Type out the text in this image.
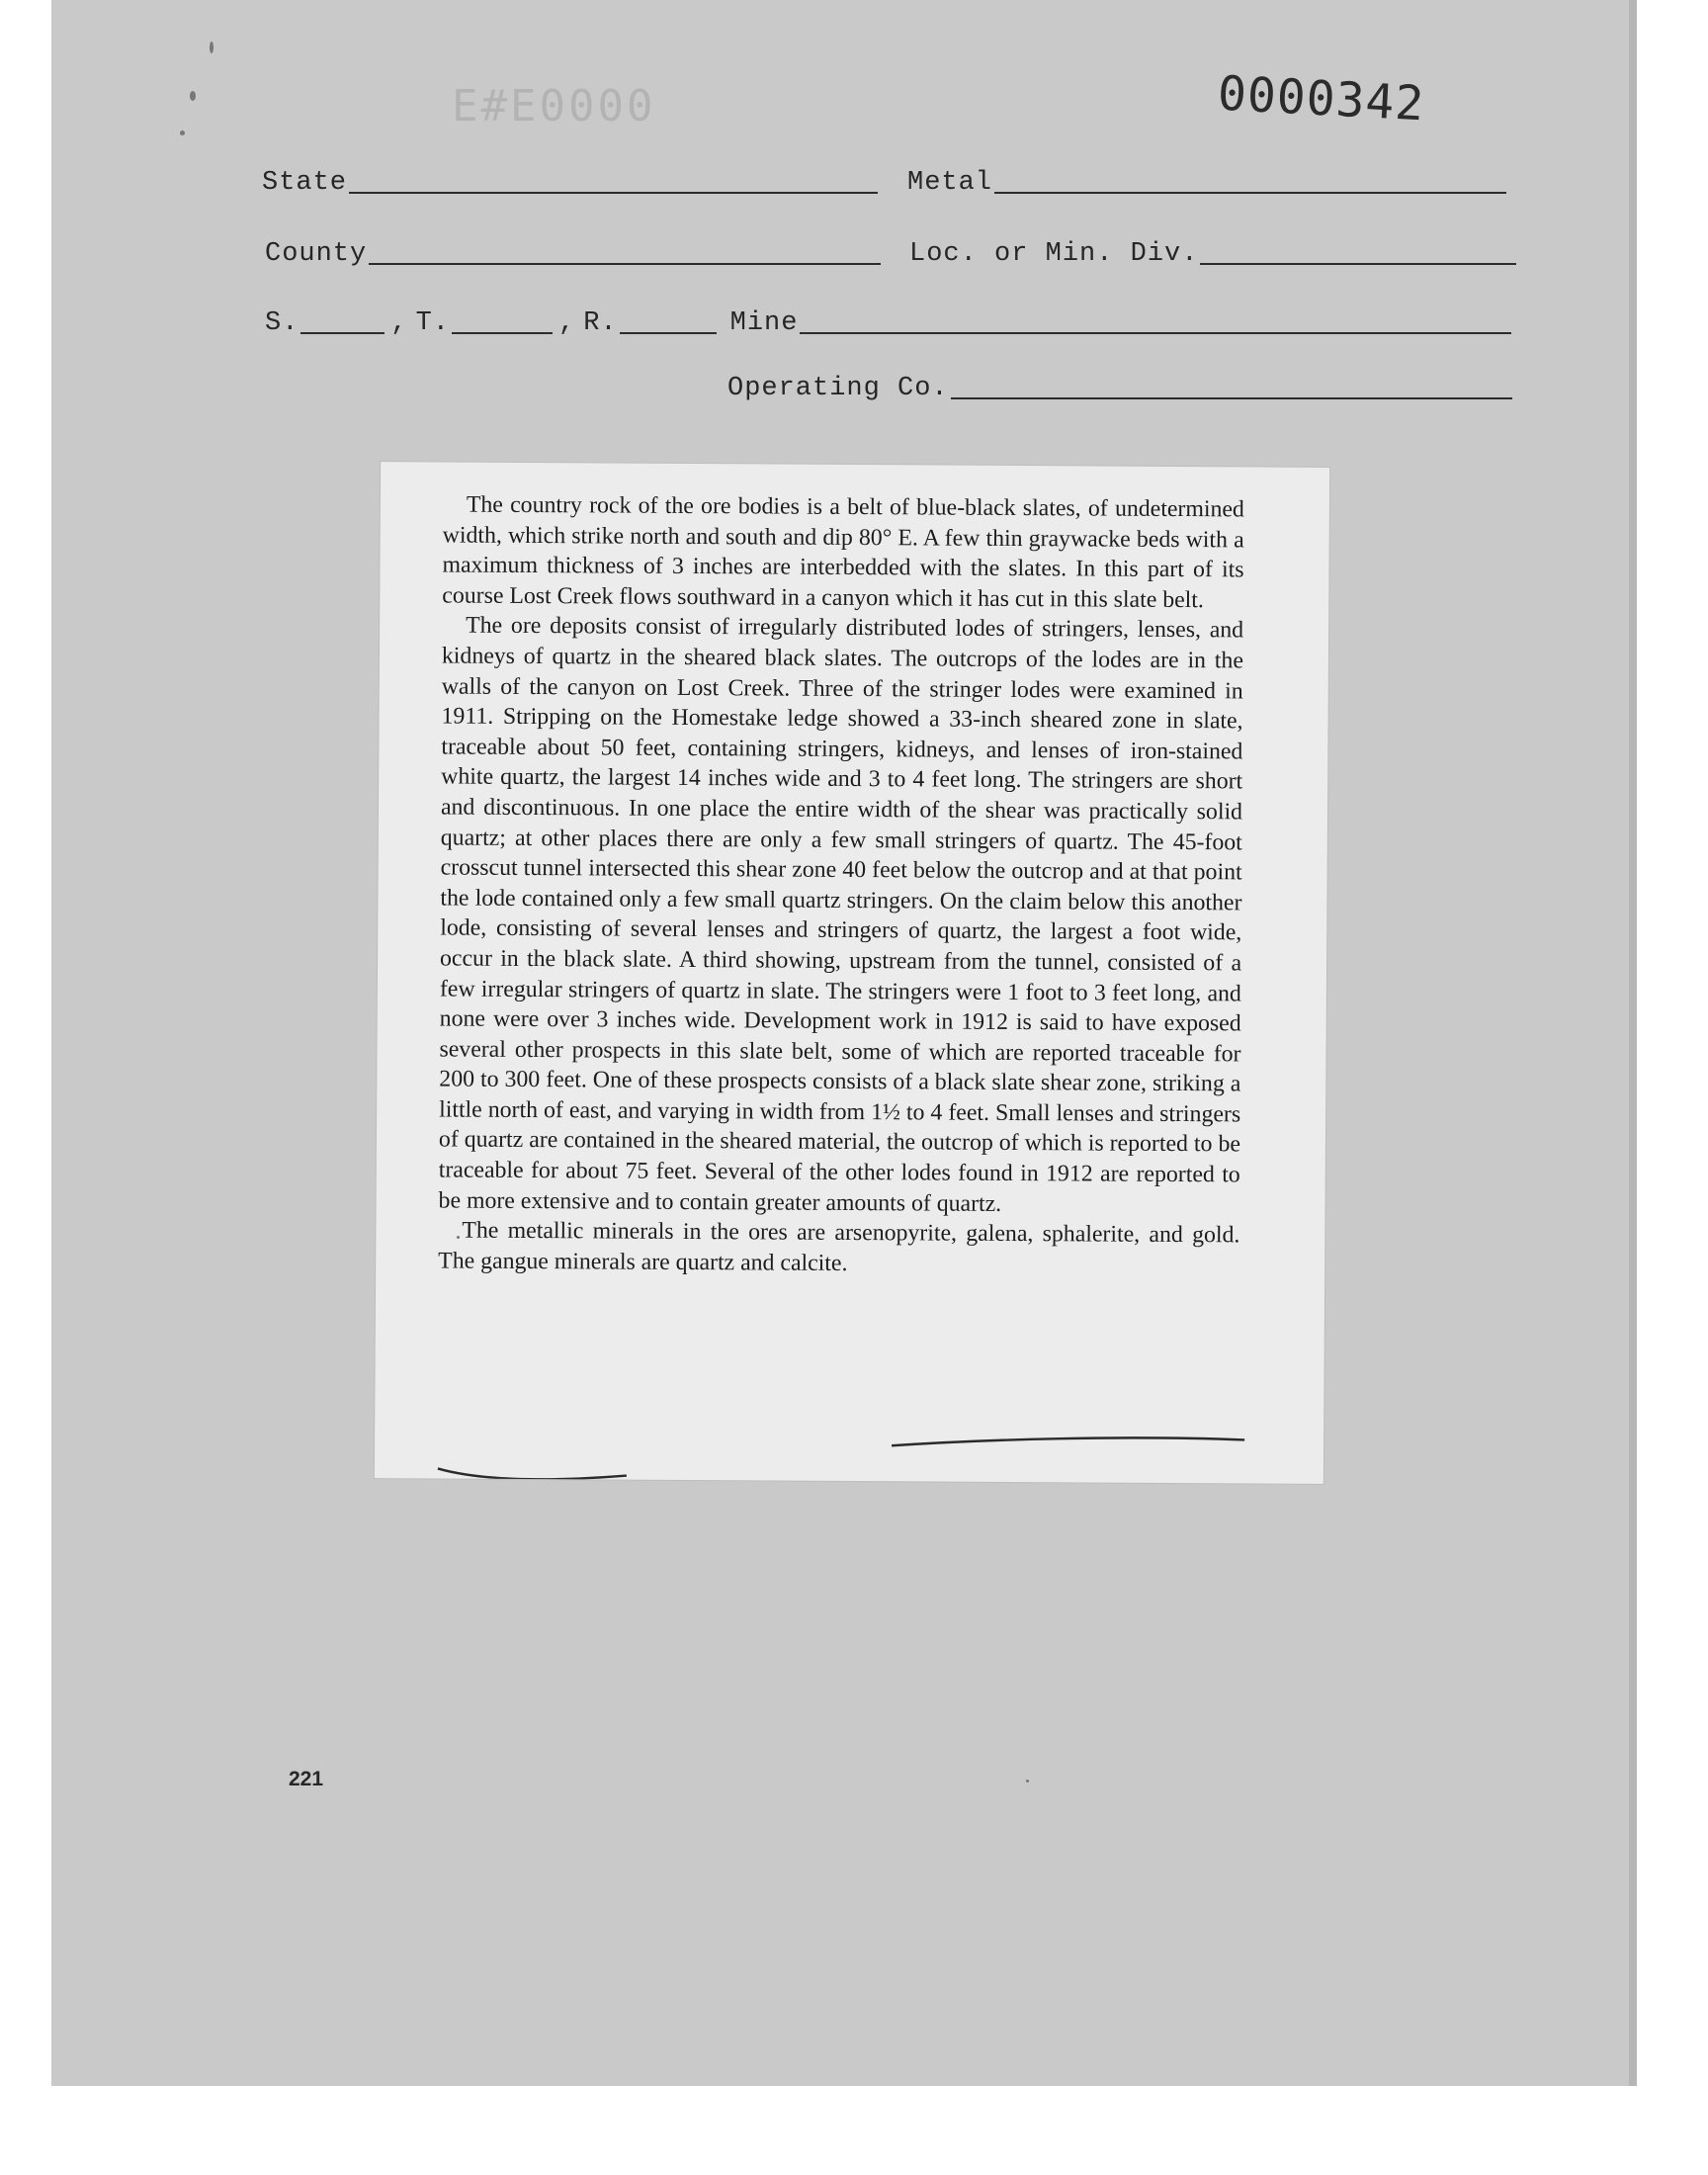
E#E0000	0000342
State	Metal
County	Loc. or Min. Div.
S.	, T.	, R.	Mine
Operating Co.

The country rock of the ore bodies is a belt of blue-black slates, of undetermined width, which strike north and south and dip 80° E. A few thin graywacke beds with a maximum thickness of 3 inches are interbedded with the slates. In this part of its course Lost Creek flows southward in a canyon which it has cut in this slate belt.

The ore deposits consist of irregularly distributed lodes of stringers, lenses, and kidneys of quartz in the sheared black slates. The outcrops of the lodes are in the walls of the canyon on Lost Creek. Three of the stringer lodes were examined in 1911. Stripping on the Homestake ledge showed a 33-inch sheared zone in slate, traceable about 50 feet, containing stringers, kidneys, and lenses of iron-stained white quartz, the largest 14 inches wide and 3 to 4 feet long. The stringers are short and discontinuous. In one place the entire width of the shear was practically solid quartz; at other places there are only a few small stringers of quartz. The 45-foot crosscut tunnel intersected this shear zone 40 feet below the outcrop and at that point the lode contained only a few small quartz stringers. On the claim below this another lode, consisting of several lenses and stringers of quartz, the largest a foot wide, occur in the black slate. A third showing, upstream from the tunnel, consisted of a few irregular stringers of quartz in slate. The stringers were 1 foot to 3 feet long, and none were over 3 inches wide. Development work in 1912 is said to have exposed several other prospects in this slate belt, some of which are reported traceable for 200 to 300 feet. One of these prospects consists of a black slate shear zone, striking a little north of east, and varying in width from 1½ to 4 feet. Small lenses and stringers of quartz are contained in the sheared material, the outcrop of which is reported to be traceable for about 75 feet. Several of the other lodes found in 1912 are reported to be more extensive and to contain greater amounts of quartz.

The metallic minerals in the ores are arsenopyrite, galena, sphalerite, and gold. The gangue minerals are quartz and calcite.

221
